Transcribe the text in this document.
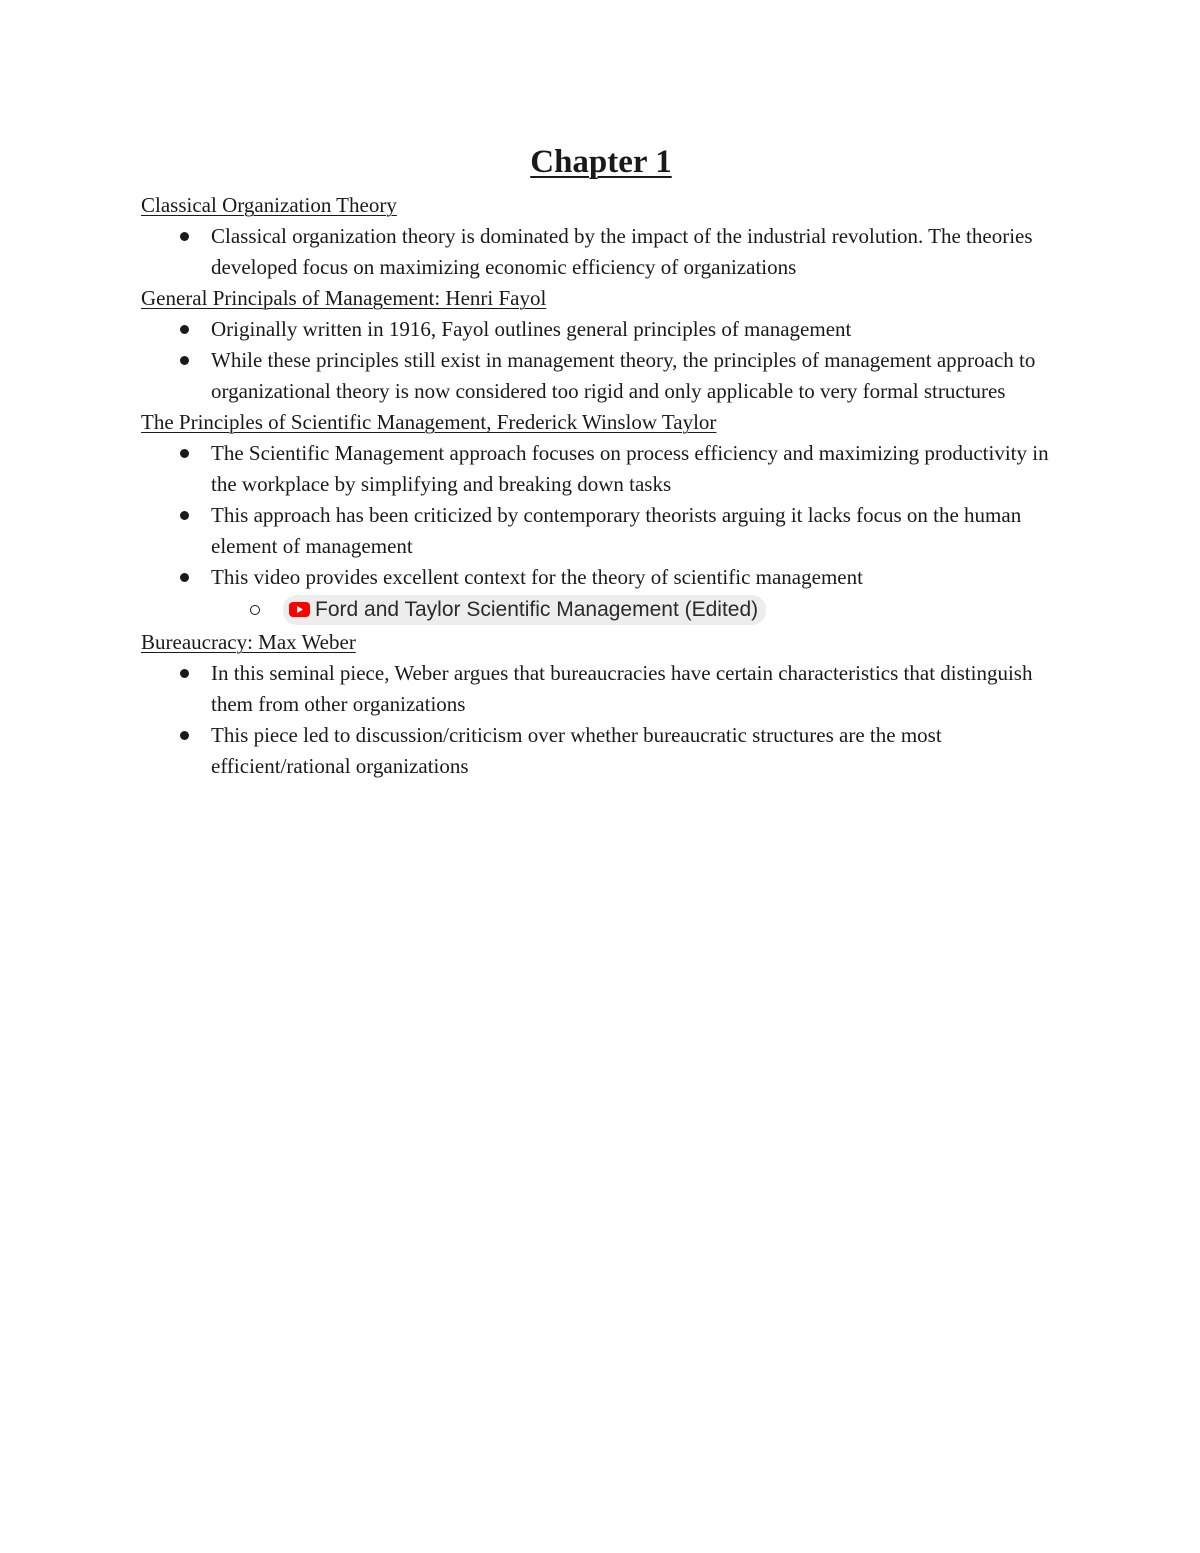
Chapter 1

Classical Organization Theory

Classical organization theory is dominated by the impact of the industrial revolution. The theories developed focus on maximizing economic efficiency of organizations

General Principals of Management: Henri Fayol

Originally written in 1916, Fayol outlines general principles of management
While these principles still exist in management theory, the principles of management approach to organizational theory is now considered too rigid and only applicable to very formal structures

The Principles of Scientific Management, Frederick Winslow Taylor

The Scientific Management approach focuses on process efficiency and maximizing productivity in the workplace by simplifying and breaking down tasks
This approach has been criticized by contemporary theorists arguing it lacks focus on the human element of management
This video provides excellent context for the theory of scientific management
Ford and Taylor Scientific Management (Edited)

Bureaucracy: Max Weber

In this seminal piece, Weber argues that bureaucracies have certain characteristics that distinguish them from other organizations
This piece led to discussion/criticism over whether bureaucratic structures are the most efficient/rational organizations
